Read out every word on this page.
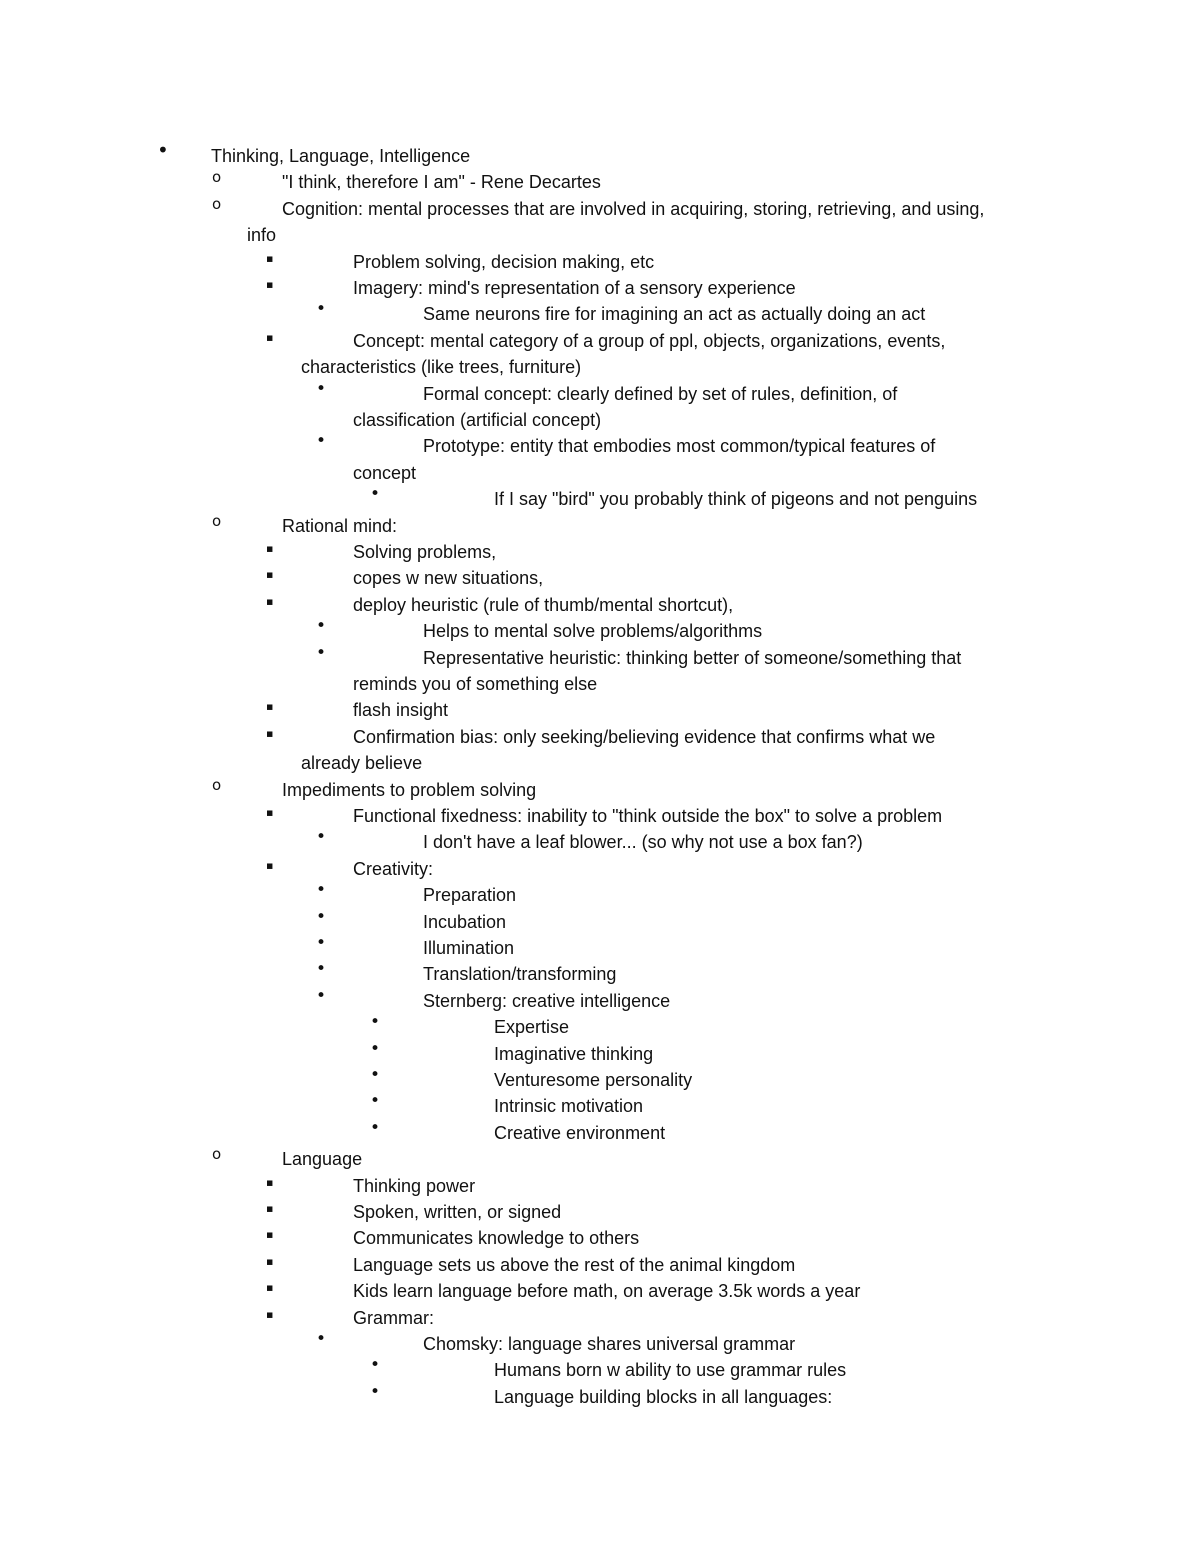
• Thinking, Language, Intelligence
o	"I think, therefore I am" - Rene Decartes
o	Cognition: mental processes that are involved in acquiring, storing, retrieving, and using,
info
▪	Problem solving, decision making, etc
▪	Imagery: mind's representation of a sensory experience
•	Same neurons fire for imagining an act as actually doing an act
▪	Concept: mental category of a group of ppl, objects, organizations, events,
characteristics (like trees, furniture)
•	Formal concept: clearly defined by set of rules, definition, of
classification (artificial concept)
•	Prototype: entity that embodies most common/typical features of
concept
•	If I say "bird" you probably think of pigeons and not penguins
o	Rational mind:
▪	Solving problems,
▪	copes w new situations,
▪	deploy heuristic (rule of thumb/mental shortcut),
•	Helps to mental solve problems/algorithms
•	Representative heuristic: thinking better of someone/something that
reminds you of something else
▪	flash insight
▪	Confirmation bias: only seeking/believing evidence that confirms what we
already believe
o	Impediments to problem solving
▪	Functional fixedness: inability to "think outside the box" to solve a problem
•	I don't have a leaf blower... (so why not use a box fan?)
▪	Creativity:
•	Preparation
•	Incubation
•	Illumination
•	Translation/transforming
•	Sternberg: creative intelligence
•	Expertise
•	Imaginative thinking
•	Venturesome personality
•	Intrinsic motivation
•	Creative environment
o	Language
▪	Thinking power
▪	Spoken, written, or signed
▪	Communicates knowledge to others
▪	Language sets us above the rest of the animal kingdom
▪	Kids learn language before math, on average 3.5k words a year
▪	Grammar:
•	Chomsky: language shares universal grammar
•	Humans born w ability to use grammar rules
•	Language building blocks in all languages:
